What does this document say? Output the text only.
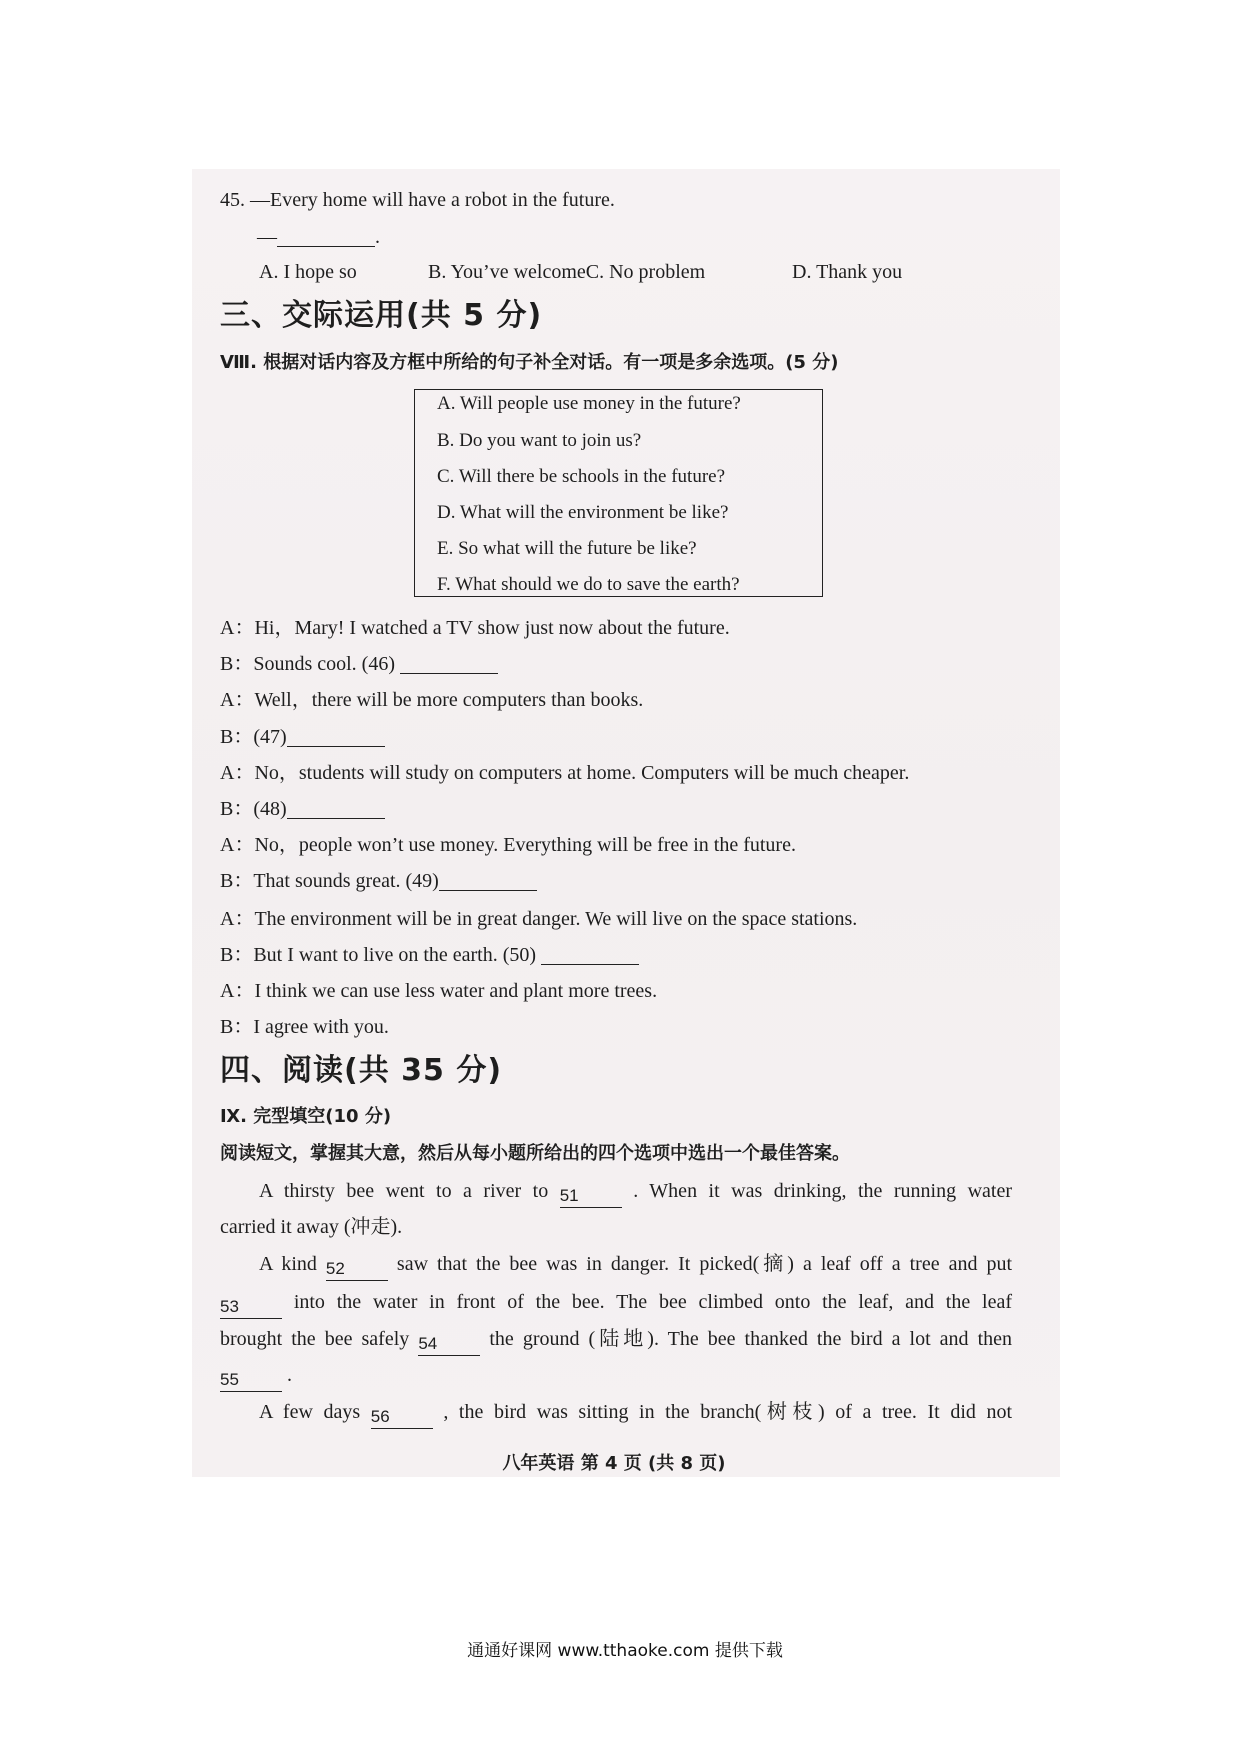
45. —Every home will have a robot in the future.
—	.
A. I hope so	B. You’ve welcomeC. No problem	D. Thank you
三、交际运用(共 5 分)
Ⅷ. 根据对话内容及方框中所给的句子补全对话。有一项是多余选项。(5 分)
A. Will people use money in the future?
B. Do you want to join us?
C. Will there be schools in the future?
D. What will the environment be like?
E. So what will the future be like?
F. What should we do to save the earth?
A：Hi，Mary! I watched a TV show just now about the future.
B：Sounds cool. (46)
A：Well，there will be more computers than books.
B：(47)
A：No，students will study on computers at home. Computers will be much cheaper.
B：(48)
A：No，people won’t use money. Everything will be free in the future.
B：That sounds great. (49)
A：The environment will be in great danger. We will live on the space stations.
B：But I want to live on the earth. (50)
A：I think we can use less water and plant more trees.
B：I agree with you.
四、阅读(共 35 分)
Ⅸ. 完型填空(10 分)
阅读短文，掌握其大意，然后从每小题所给出的四个选项中选出一个最佳答案。
A thirsty bee went to a river to 51	. When it was drinking, the running water
carried it away (冲走).
A kind 52	saw that the bee was in danger. It picked(摘) a leaf off a tree and put
53	into the water in front of the bee. The bee climbed onto the leaf, and the leaf
brought the bee safely 54	the ground (陆地). The bee thanked the bird a lot and then
55 .
A few days 56	, the bird was sitting in the branch(树枝) of a tree. It did not
八年英语 第 4 页 (共 8 页)
通通好课网 www.tthaoke.com 提供下载
